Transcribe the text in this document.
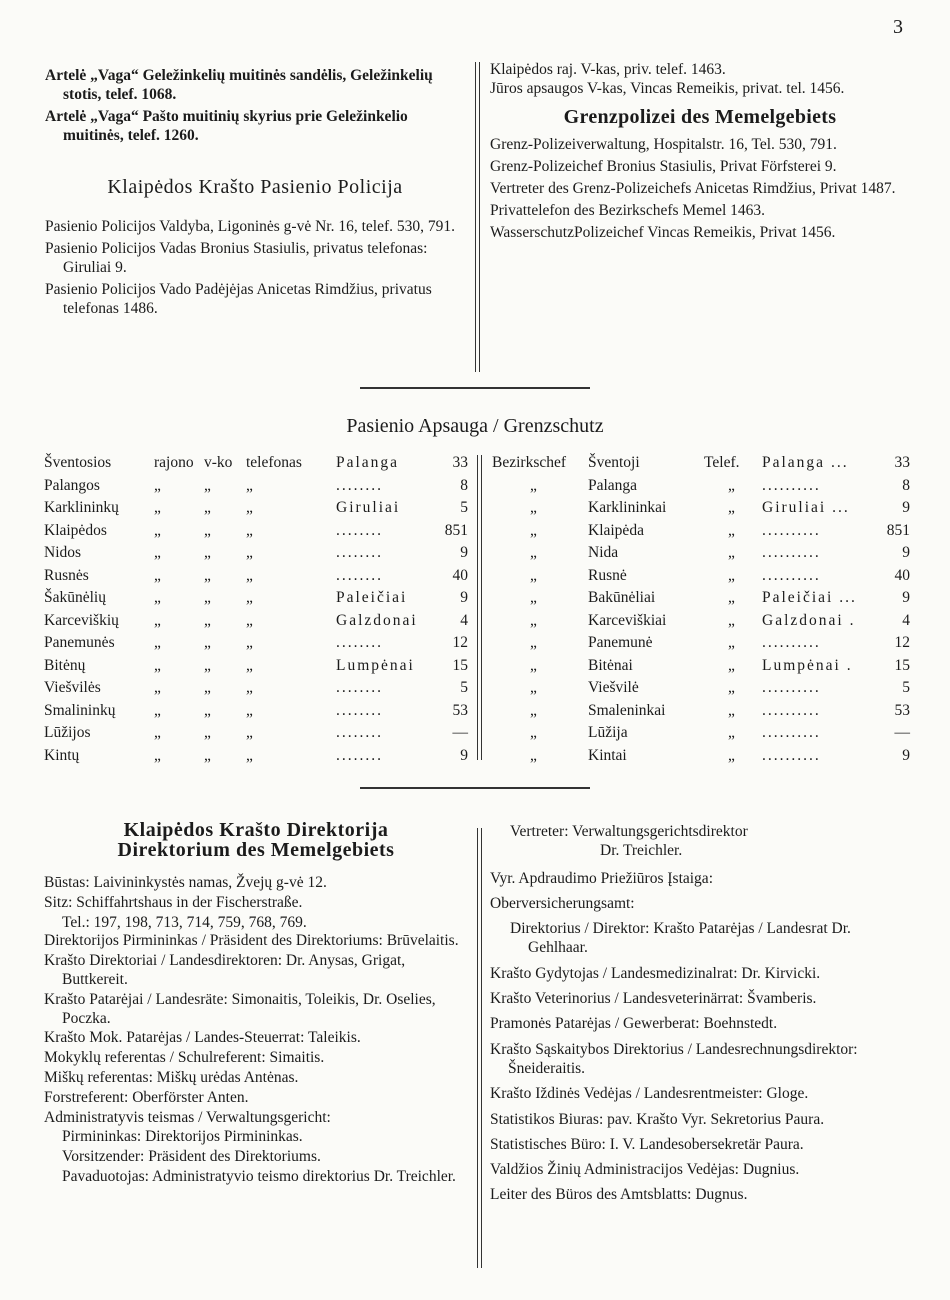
3

Artelė „Vaga“ Geležinkelių muitinės sandėlis, Geležinkelių stotis, telef. 1068.

Artelė „Vaga“ Pašto muitinių skyrius prie Geležinkelio muitinės, telef. 1260.

Klaipėdos Krašto Pasienio Policija

Pasienio Policijos Valdyba, Ligoninės g-vė Nr. 16, telef. 530, 791.

Pasienio Policijos Vadas Bronius Stasiulis, privatus telefonas: Giruliai 9.

Pasienio Policijos Vado Padėjėjas Anicetas Rimdžius, privatus telefonas 1486.

Klaipėdos raj. V-kas, priv. telef. 1463.

Jūros apsaugos V-kas, Vincas Remeikis, privat. tel. 1456.

Grenzpolizei des Memelgebiets

Grenz-Polizeiverwaltung, Hospitalstr. 16, Tel. 530, 791.

Grenz-Polizeichef Bronius Stasiulis, Privat Förfsterei 9.

Vertreter des Grenz-Polizeichefs Anicetas Rimdžius, Privat 1487.

Privattelefon des Bezirkschefs Memel 1463.

WasserschutzPolizeichef Vincas Remeikis, Privat 1456.

Pasienio Apsauga / Grenzschutz
Šventosios	rajono	v-ko	telefonas	Palanga	33
Palangos	„	„	„	........	8
Karklininkų	„	„	„	Giruliai	5
Klaipėdos	„	„	„	........	851
Nidos	„	„	„	........	9
Rusnės	„	„	„	........	40
Šakūnėlių	„	„	„	Paleičiai	9
Karceviškių	„	„	„	Galzdonai	4
Panemunės	„	„	„	........	12
Bitėnų	„	„	„	Lumpėnai	15
Viešvilės	„	„	„	........	5
Smalininkų	„	„	„	........	53
Lūžijos	„	„	„	........	—
Kintų	„	„	„	........	9
Bezirkschef	Šventoji	Telef.	Palanga ...	33
„	Palanga	„	..........	8
„	Karklininkai	„	Giruliai ...	9
„	Klaipėda	„	..........	851
„	Nida	„	..........	9
„	Rusnė	„	..........	40
„	Bakūnėliai	„	Paleičiai ...	9
„	Karceviškiai	„	Galzdonai .	4
„	Panemunė	„	..........	12
„	Bitėnai	„	Lumpėnai .	15
„	Viešvilė	„	..........	5
„	Smaleninkai	„	..........	53
„	Lūžija	„	..........	—
„	Kintai	„	..........	9
Klaipėdos Krašto Direktorija
Direktorium des Memelgebiets

Būstas: Laivininkystės namas, Žvejų g-vė 12.

Sitz: Schiffahrtshaus in der Fischerstraße.

Tel.: 197, 198, 713, 714, 759, 768, 769.

Direktorijos Pirmininkas / Präsident des Direktoriums: Brūvelaitis.

Krašto Direktoriai / Landesdirektoren: Dr. Anysas, Grigat, Buttkereit.

Krašto Patarėjai / Landesräte: Simonaitis, Toleikis, Dr. Oselies, Poczka.

Krašto Mok. Patarėjas / Landes-Steuerrat: Taleikis.

Mokyklų referentas / Schulreferent: Simaitis.

Miškų referentas: Miškų urėdas Antėnas.

Forstreferent: Oberförster Anten.

Administratyvis teismas / Verwaltungsgericht:

Pirmininkas: Direktorijos Pirmininkas.

Vorsitzender: Präsident des Direktoriums.

Pavaduotojas: Administratyvio teismo direktorius Dr. Treichler.

Vertreter: Verwaltungsgerichtsdirektor
Dr. Treichler.

Vyr. Apdraudimo Priežiūros Įstaiga:

Oberversicherungsamt:

Direktorius / Direktor: Krašto Patarėjas / Landesrat Dr. Gehlhaar.

Krašto Gydytojas / Landesmedizinalrat: Dr. Kirvicki.

Krašto Veterinorius / Landesveterinärrat: Švamberis.

Pramonės Patarėjas / Gewerberat: Boehnstedt.

Krašto Sąskaitybos Direktorius / Landesrechnungsdirektor: Šneideraitis.

Krašto Iždinės Vedėjas / Landesrentmeister: Gloge.

Statistikos Biuras: pav. Krašto Vyr. Sekretorius Paura.

Statistisches Büro: I. V. Landesobersekretär Paura.

Valdžios Žinių Administracijos Vedėjas: Dugnius.

Leiter des Büros des Amtsblatts: Dugnus.
